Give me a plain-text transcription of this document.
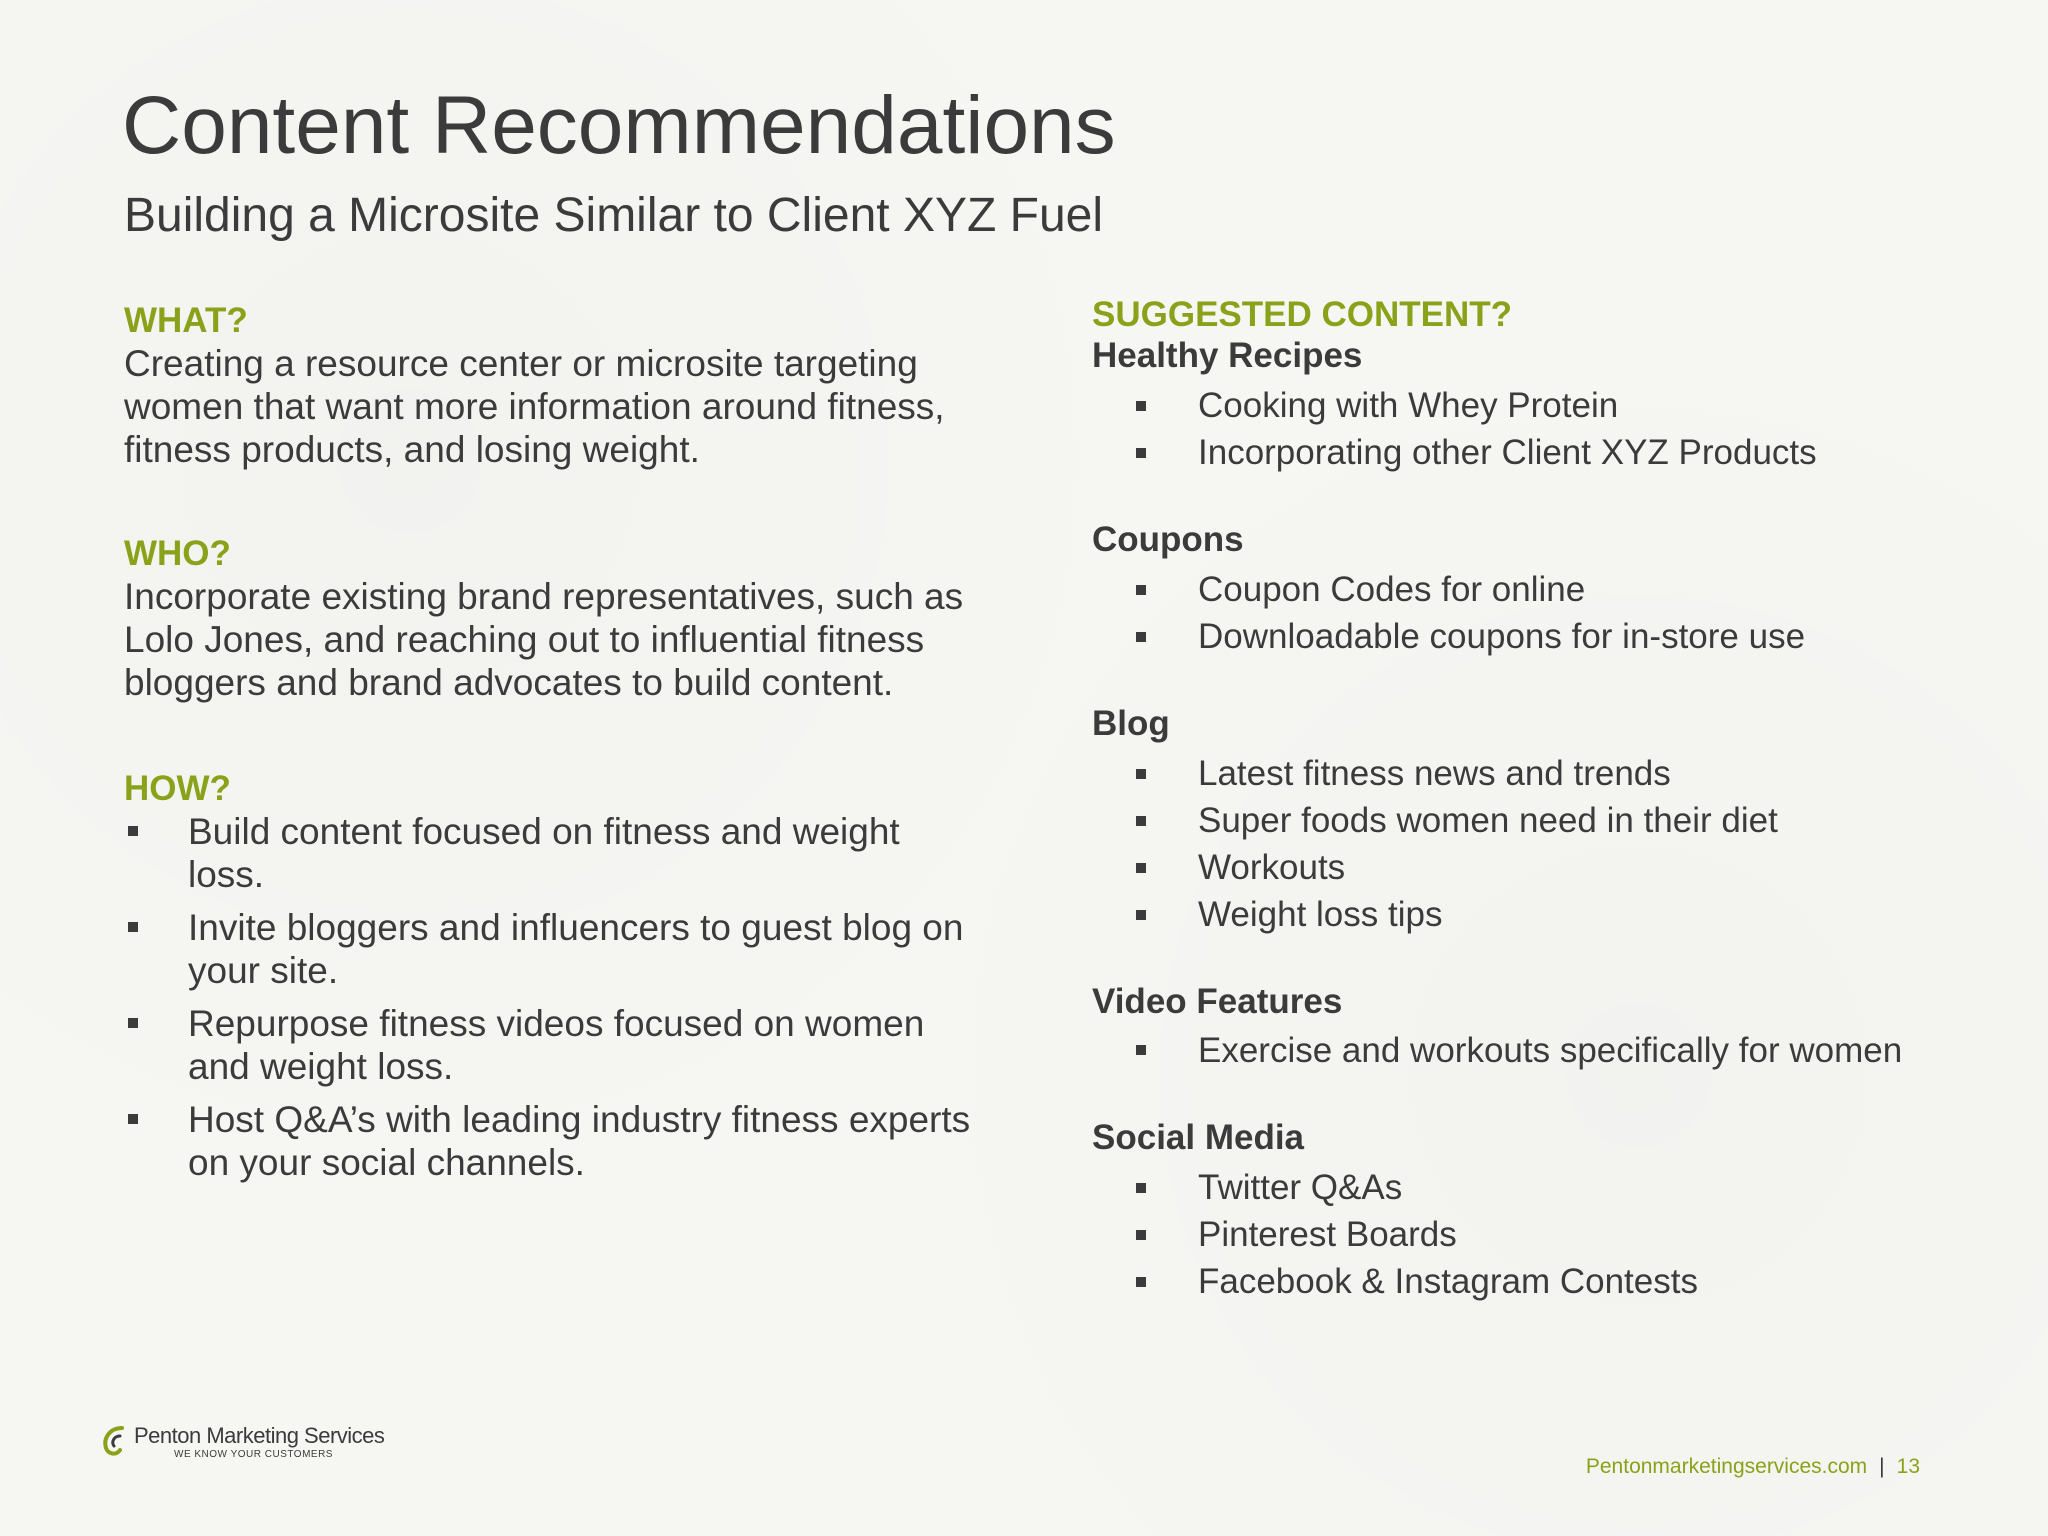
Content Recommendations
Building a Microsite Similar to Client XYZ Fuel
WHAT?
Creating a resource center or microsite targeting women that want more information around fitness, fitness products, and losing weight.
WHO?
Incorporate existing brand representatives, such as Lolo Jones, and reaching out to influential fitness bloggers and brand advocates to build content.
HOW?
Build content focused on fitness and weight loss.
Invite bloggers and influencers to guest blog on your site.
Repurpose fitness videos focused on women and weight loss.
Host Q&A’s with leading industry fitness experts on your social channels.
SUGGESTED CONTENT?
Healthy Recipes
Cooking with Whey Protein
Incorporating other Client XYZ Products
Coupons
Coupon Codes for online
Downloadable coupons for in-store use
Blog
Latest fitness news and trends
Super foods women need in their diet
Workouts
Weight loss tips
Video Features
Exercise and workouts specifically for women
Social Media
Twitter Q&As
Pinterest Boards
Facebook & Instagram Contests
Penton Marketing Services
WE KNOW YOUR CUSTOMERS
Pentonmarketingservices.com | 13
